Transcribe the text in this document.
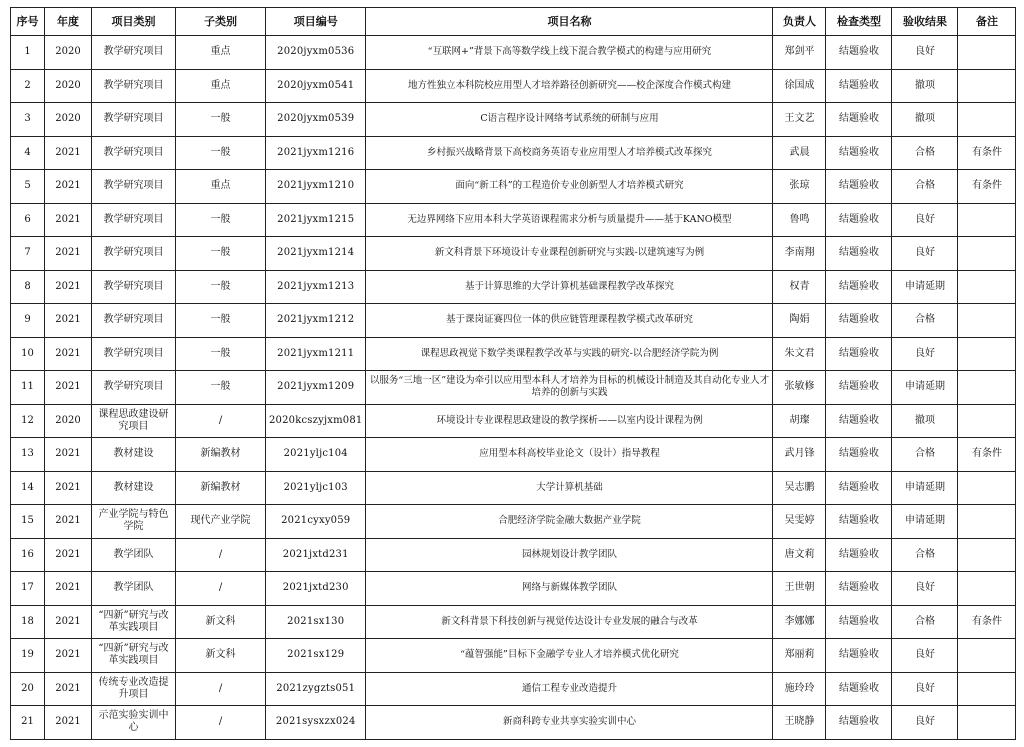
序号	年度	项目类别	子类别	项目编号	项目名称	负责人	检查类型	验收结果	备注
1	2020	教学研究项目	重点	2020jyxm0536	“互联网+”背景下高等数学线上线下混合教学模式的构建与应用研究	郑剑平	结题验收	良好	
2	2020	教学研究项目	重点	2020jyxm0541	地方性独立本科院校应用型人才培养路径创新研究——校企深度合作模式构建	徐国成	结题验收	撤项	
3	2020	教学研究项目	一般	2020jyxm0539	C语言程序设计网络考试系统的研制与应用	王文艺	结题验收	撤项	
4	2021	教学研究项目	一般	2021jyxm1216	乡村振兴战略背景下高校商务英语专业应用型人才培养模式改革探究	武晨	结题验收	合格	有条件
5	2021	教学研究项目	重点	2021jyxm1210	面向“新工科”的工程造价专业创新型人才培养模式研究	张琼	结题验收	合格	有条件
6	2021	教学研究项目	一般	2021jyxm1215	无边界网络下应用本科大学英语课程需求分析与质量提升——基于KANO模型	鲁鸣	结题验收	良好	
7	2021	教学研究项目	一般	2021jyxm1214	新文科背景下环境设计专业课程创新研究与实践-以建筑速写为例	李南翔	结题验收	良好	
8	2021	教学研究项目	一般	2021jyxm1213	基于计算思维的大学计算机基础课程教学改革探究	权青	结题验收	申请延期	
9	2021	教学研究项目	一般	2021jyxm1212	基于课岗证赛四位一体的供应链管理课程教学模式改革研究	陶娟	结题验收	合格	
10	2021	教学研究项目	一般	2021jyxm1211	课程思政视觉下数学类课程教学改革与实践的研究-以合肥经济学院为例	朱文君	结题验收	良好	
11	2021	教学研究项目	一般	2021jyxm1209	以服务“三地一区”建设为牵引以应用型本科人才培养为目标的机械设计制造及其自动化专业人才培养的创新与实践	张敏修	结题验收	申请延期	
12	2020	课程思政建设研究项目	/	2020kcszyjxm081	环境设计专业课程思政建设的教学探析——以室内设计课程为例	胡璨	结题验收	撤项	
13	2021	教材建设	新编教材	2021yljc104	应用型本科高校毕业论文（设计）指导教程	武月锋	结题验收	合格	有条件
14	2021	教材建设	新编教材	2021yljc103	大学计算机基础	吴志鹏	结题验收	申请延期	
15	2021	产业学院与特色学院	现代产业学院	2021cyxy059	合肥经济学院金融大数据产业学院	吴雯婷	结题验收	申请延期	
16	2021	教学团队	/	2021jxtd231	园林规划设计教学团队	唐文莉	结题验收	合格	
17	2021	教学团队	/	2021jxtd230	网络与新媒体教学团队	王世朝	结题验收	良好	
18	2021	“四新”研究与改革实践项目	新文科	2021sx130	新文科背景下科技创新与视觉传达设计专业发展的融合与改革	李娜娜	结题验收	合格	有条件
19	2021	“四新”研究与改革实践项目	新文科	2021sx129	“蕴智强能”目标下金融学专业人才培养模式优化研究	郑丽莉	结题验收	良好	
20	2021	传统专业改造提升项目	/	2021zygzts051	通信工程专业改造提升	施玲玲	结题验收	良好	
21	2021	示范实验实训中心	/	2021sysxzx024	新商科跨专业共享实验实训中心	王晓静	结题验收	良好	
